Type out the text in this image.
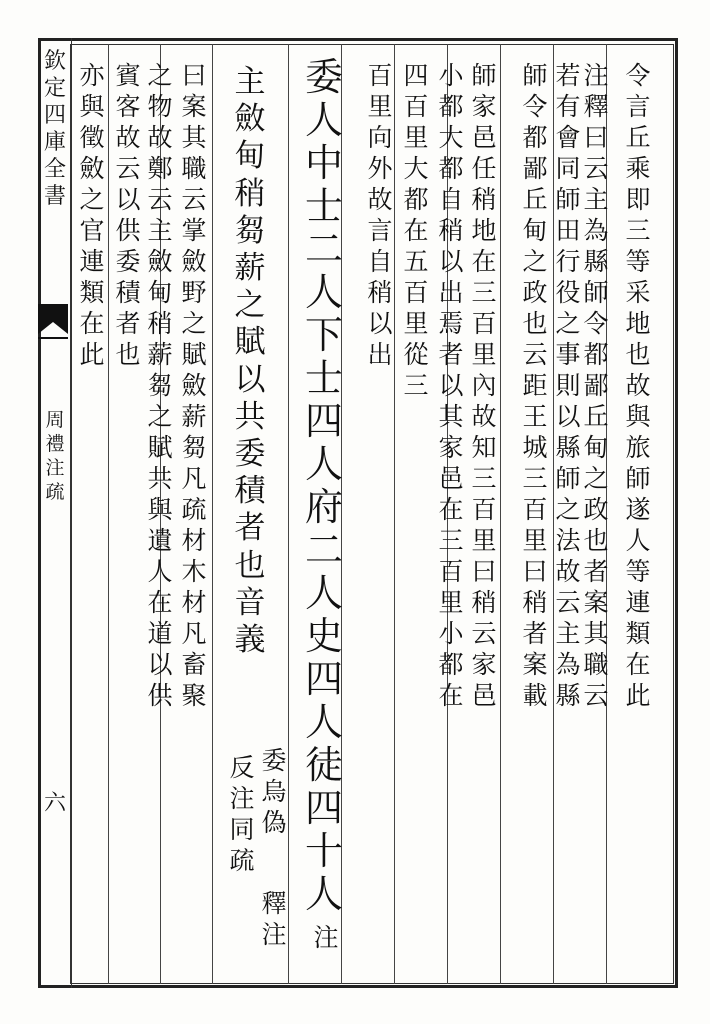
欽
定
四
庫
全
書
周
禮
注
疏
六
令
言
丘
乘
即
三
等
采
地
也
故
與
旅
師
遂
人
等
連
類
在
此
注
釋
曰
云
主
為
縣
師
令
都
鄙
丘
甸
之
政
也
者
案
其
職
云
若
有
會
同
師
田
行
役
之
事
則
以
縣
師
之
法
故
云
主
為
縣
師
令
都
鄙
丘
甸
之
政
也
云
距
王
城
三
百
里
曰
稍
者
案
載
師
家
邑
任
稍
地
在
三
百
里
內
故
知
三
百
里
曰
稍
云
家
邑
小
都
大
都
自
稍
以
出
焉
者
以
其
家
邑
在
三
百
里
小
都
在
四
百
里
大
都
在
五
百
里
從
三
百
里
向
外
故
言
自
稍
以
出
委
人
中
士
二
人
下
士
四
人
府
二
人
史
四
人
徒
四
十
人
注
主
斂
甸
稍
芻
薪
之
賦
以
共
委
積
者
也
音
義
委
烏
偽
反
注
同
疏
釋
注
曰
案
其
職
云
掌
斂
野
之
賦
斂
薪
芻
凡
疏
材
木
材
凡
畜
聚
之
物
故
鄭
云
主
斂
甸
稍
薪
芻
之
賦
共
與
遺
人
在
道
以
供
賓
客
故
云
以
供
委
積
者
也
亦
與
徵
斂
之
官
連
類
在
此
